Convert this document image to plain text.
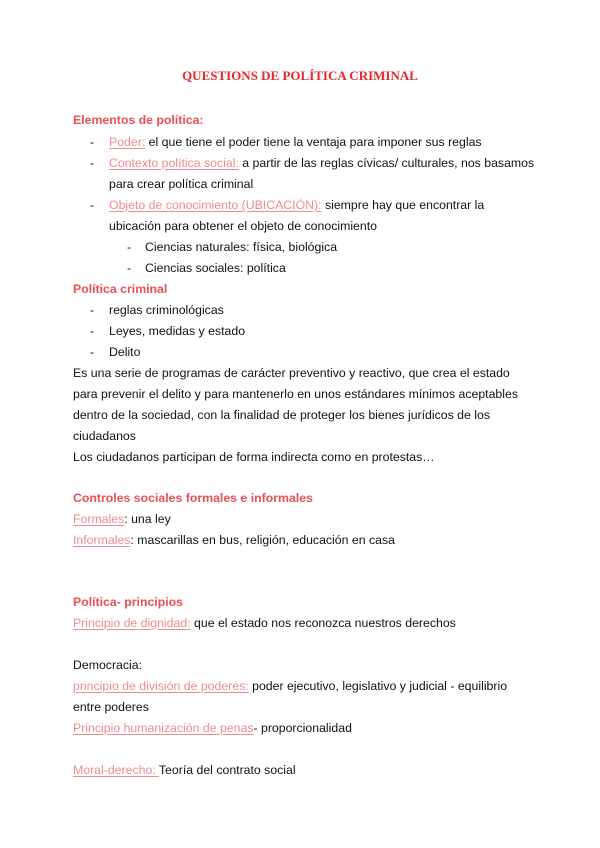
QUESTIONS DE POLÍTICA CRIMINAL
Elementos de política:
- Poder: el que tiene el poder tiene la ventaja para imponer sus reglas
- Contexto política social: a partir de las reglas cívicas/ culturales, nos basamos
para crear política criminal
- Objeto de conocimiento (UBICACIÓN): siempre hay que encontrar la
ubicación para obtener el objeto de conocimiento
- Ciencias naturales: física, biológica
- Ciencias sociales: política
Política criminal
- reglas criminológicas
- Leyes, medidas y estado
- Delito
Es una serie de programas de carácter preventivo y reactivo, que crea el estado
para prevenir el delito y para mantenerlo en unos estándares mínimos aceptables
dentro de la sociedad, con la finalidad de proteger los bienes jurídicos de los
ciudadanos
Los ciudadanos participan de forma indirecta como en protestas…
Controles sociales formales e informales
Formales: una ley
Informales: mascarillas en bus, religión, educación en casa
Política- principios
Principio de dignidad: que el estado nos reconozca nuestros derechos
Democracia:
principio de división de poderes: poder ejecutivo, legislativo y judicial - equilibrio
entre poderes
Principio humanización de penas- proporcionalidad
Moral-derecho: Teoría del contrato social
